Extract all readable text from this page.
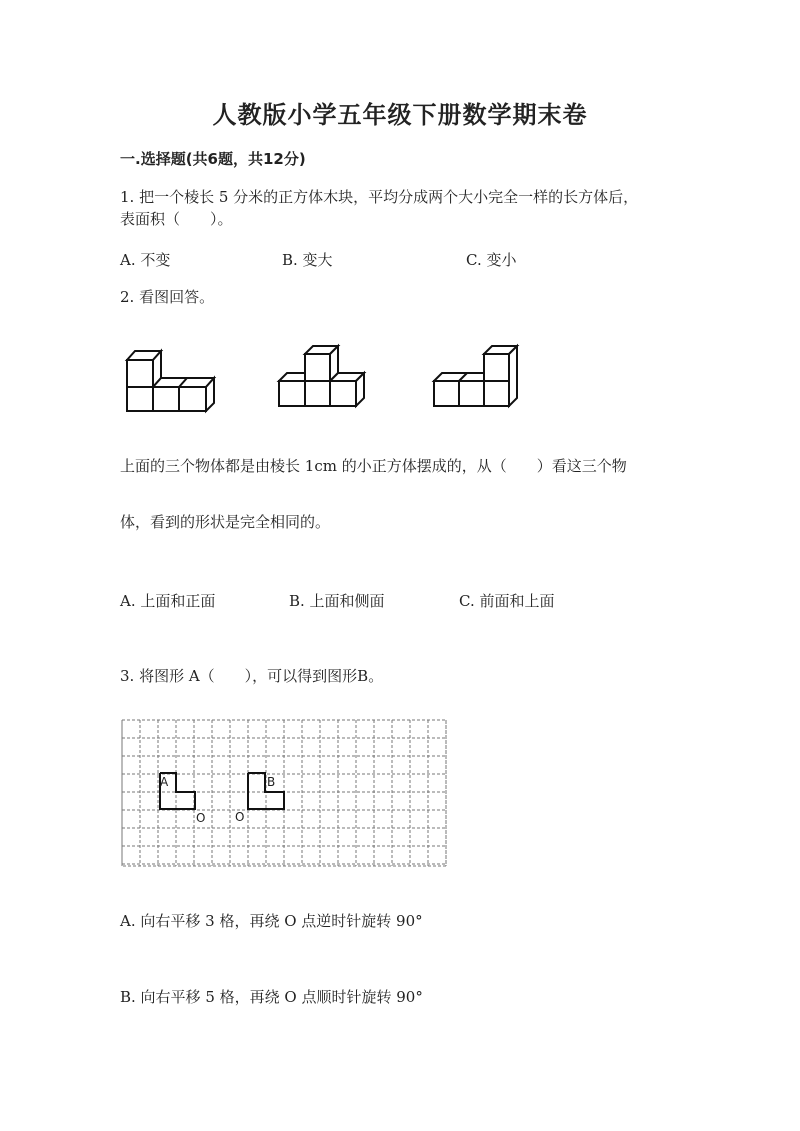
人教版小学五年级下册数学期末卷
一.选择题(共6题，共12分)
1. 把一个棱长 5 分米的正方体木块，平均分成两个大小完全一样的长方体后，
表面积（　　）。
A. 不变	B. 变大	C. 变小
2. 看图回答。
上面的三个物体都是由棱长 1cm 的小正方体摆成的，从（　　）看这三个物
体，看到的形状是完全相同的。
A. 上面和正面	B. 上面和侧面	C. 前面和上面
3. 将图形 A（　　），可以得到图形B。
A	B
O O
A. 向右平移 3 格，再绕 O 点逆时针旋转 90°
B. 向右平移 5 格，再绕 O 点顺时针旋转 90°
